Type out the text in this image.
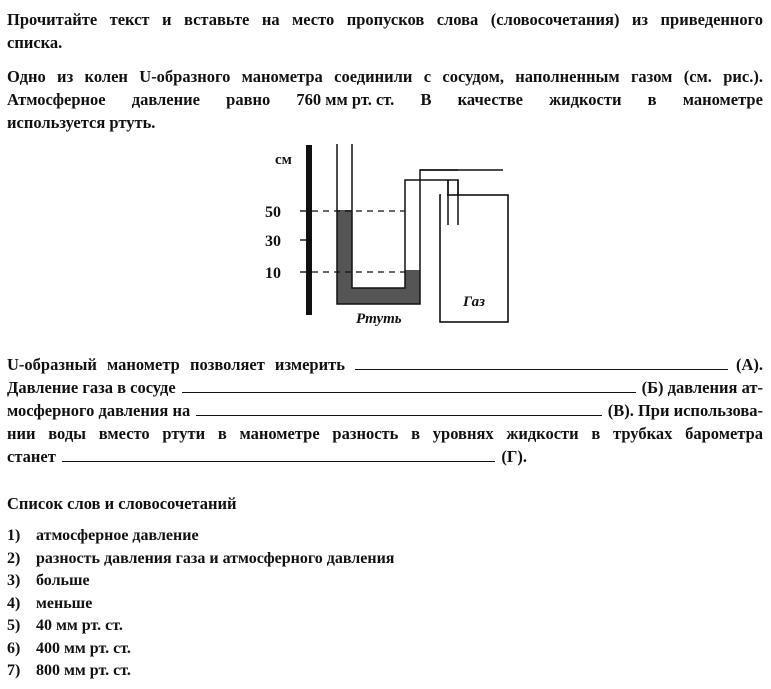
Прочитайте текст и вставьте на место пропусков слова (словосочетания) из приведенного

списка.

Одно из колен U-образного манометра соединили с сосудом, наполненным газом (см. рис.).

Атмосферное давление равно 760 мм рт. ст. В качестве жидкости в манометре

используется ртуть.

см
50
30
10
Ртуть
Газ
U-образный манометр позволяет измерить	(А).
Давление газа в сосуде	(Б) давления ат-
мосферного давления на	(В). При использова-

нии воды вместо ртути в манометре разность в уровнях жидкости в трубках барометра

станет	(Г).
Список слов и словосочетаний
1) атмосферное давление
2) разность давления газа и атмосферного давления
3) больше
4) меньше
5) 40 мм рт. ст.
6) 400 мм рт. ст.
7) 800 мм рт. ст.
